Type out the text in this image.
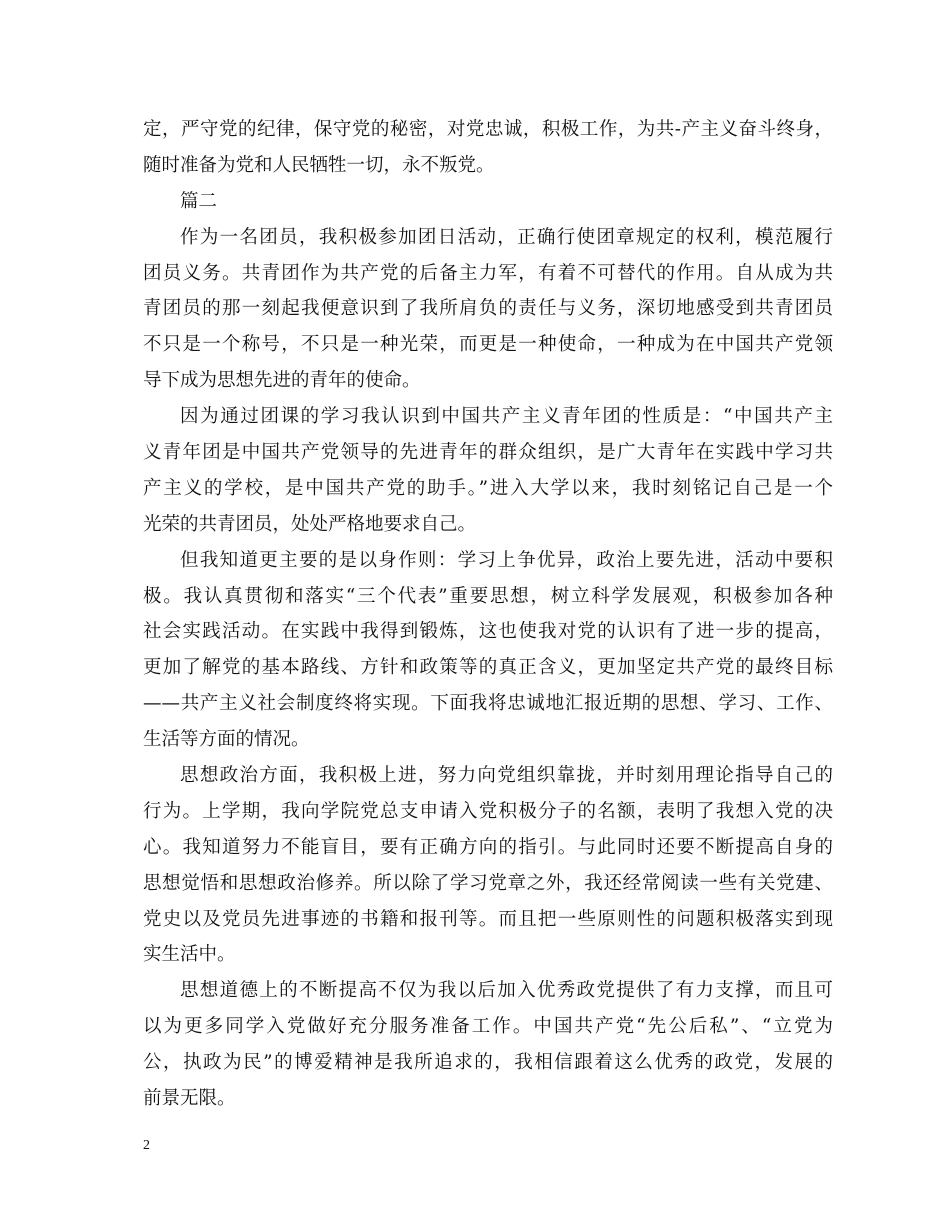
定，严守党的纪律，保守党的秘密，对党忠诚，积极工作，为共-产主义奋斗终身，
随时准备为党和人民牺牲一切，永不叛党。
篇二
作为一名团员，我积极参加团日活动，正确行使团章规定的权利，模范履行
团员义务。共青团作为共产党的后备主力军，有着不可替代的作用。自从成为共
青团员的那一刻起我便意识到了我所肩负的责任与义务，深切地感受到共青团员
不只是一个称号，不只是一种光荣，而更是一种使命，一种成为在中国共产党领
导下成为思想先进的青年的使命。
因为通过团课的学习我认识到中国共产主义青年团的性质是：“中国共产主
义青年团是中国共产党领导的先进青年的群众组织，是广大青年在实践中学习共
产主义的学校，是中国共产党的助手。”进入大学以来，我时刻铭记自己是一个
光荣的共青团员，处处严格地要求自己。
但我知道更主要的是以身作则：学习上争优异，政治上要先进，活动中要积
极。我认真贯彻和落实“三个代表”重要思想，树立科学发展观，积极参加各种
社会实践活动。在实践中我得到锻炼，这也使我对党的认识有了进一步的提高，
更加了解党的基本路线、方针和政策等的真正含义，更加坚定共产党的最终目标
——共产主义社会制度终将实现。下面我将忠诚地汇报近期的思想、学习、工作、
生活等方面的情况。
思想政治方面，我积极上进，努力向党组织靠拢，并时刻用理论指导自己的
行为。上学期，我向学院党总支申请入党积极分子的名额，表明了我想入党的决
心。我知道努力不能盲目，要有正确方向的指引。与此同时还要不断提高自身的
思想觉悟和思想政治修养。所以除了学习党章之外，我还经常阅读一些有关党建、
党史以及党员先进事迹的书籍和报刊等。而且把一些原则性的问题积极落实到现
实生活中。
思想道德上的不断提高不仅为我以后加入优秀政党提供了有力支撑，而且可
以为更多同学入党做好充分服务准备工作。中国共产党“先公后私”、“立党为
公，执政为民”的博爱精神是我所追求的，我相信跟着这么优秀的政党，发展的
前景无限。
2
